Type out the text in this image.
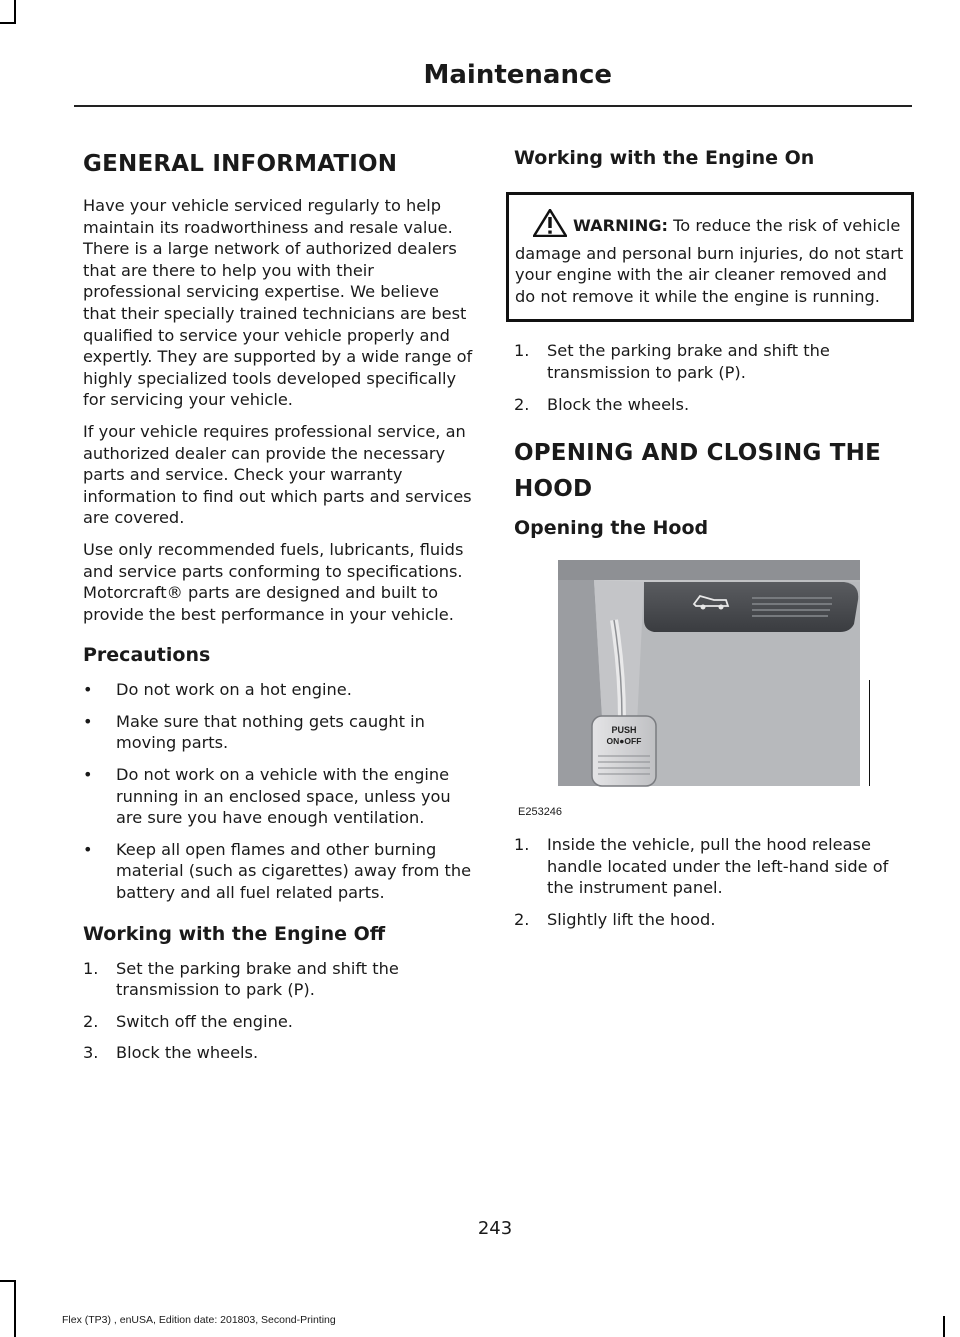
Maintenance
GENERAL INFORMATION

Have your vehicle serviced regularly to help maintain its roadworthiness and resale value. There is a large network of authorized dealers that are there to help you with their professional servicing expertise. We believe that their specially trained technicians are best qualified to service your vehicle properly and expertly. They are supported by a wide range of highly specialized tools developed specifically for servicing your vehicle.

If your vehicle requires professional service, an authorized dealer can provide the necessary parts and service. Check your warranty information to find out which parts and services are covered.

Use only recommended fuels, lubricants, fluids and service parts conforming to specifications. Motorcraft® parts are designed and built to provide the best performance in your vehicle.

Precautions
• Do not work on a hot engine.
• Make sure that nothing gets caught in moving parts.
• Do not work on a vehicle with the engine running in an enclosed space, unless you are sure you have enough ventilation.
• Keep all open flames and other burning material (such as cigarettes) away from the battery and all fuel related parts.
Working with the Engine Off
1. Set the parking brake and shift the transmission to park (P).
2. Switch off the engine.
3. Block the wheels.
Working with the Engine On

WARNING: To reduce the risk of vehicle damage and personal burn injuries, do not start your engine with the air cleaner removed and do not remove it while the engine is running.

1. Set the parking brake and shift the transmission to park (P).
2. Block the wheels.
OPENING AND CLOSING THE
HOOD
Opening the Hood
PUSH
ON●OFF
E253246
1. Inside the vehicle, pull the hood release handle located under the left-hand side of the instrument panel.
2. Slightly lift the hood.
243
Flex (TP3) , enUSA, Edition date: 201803, Second-Printing
